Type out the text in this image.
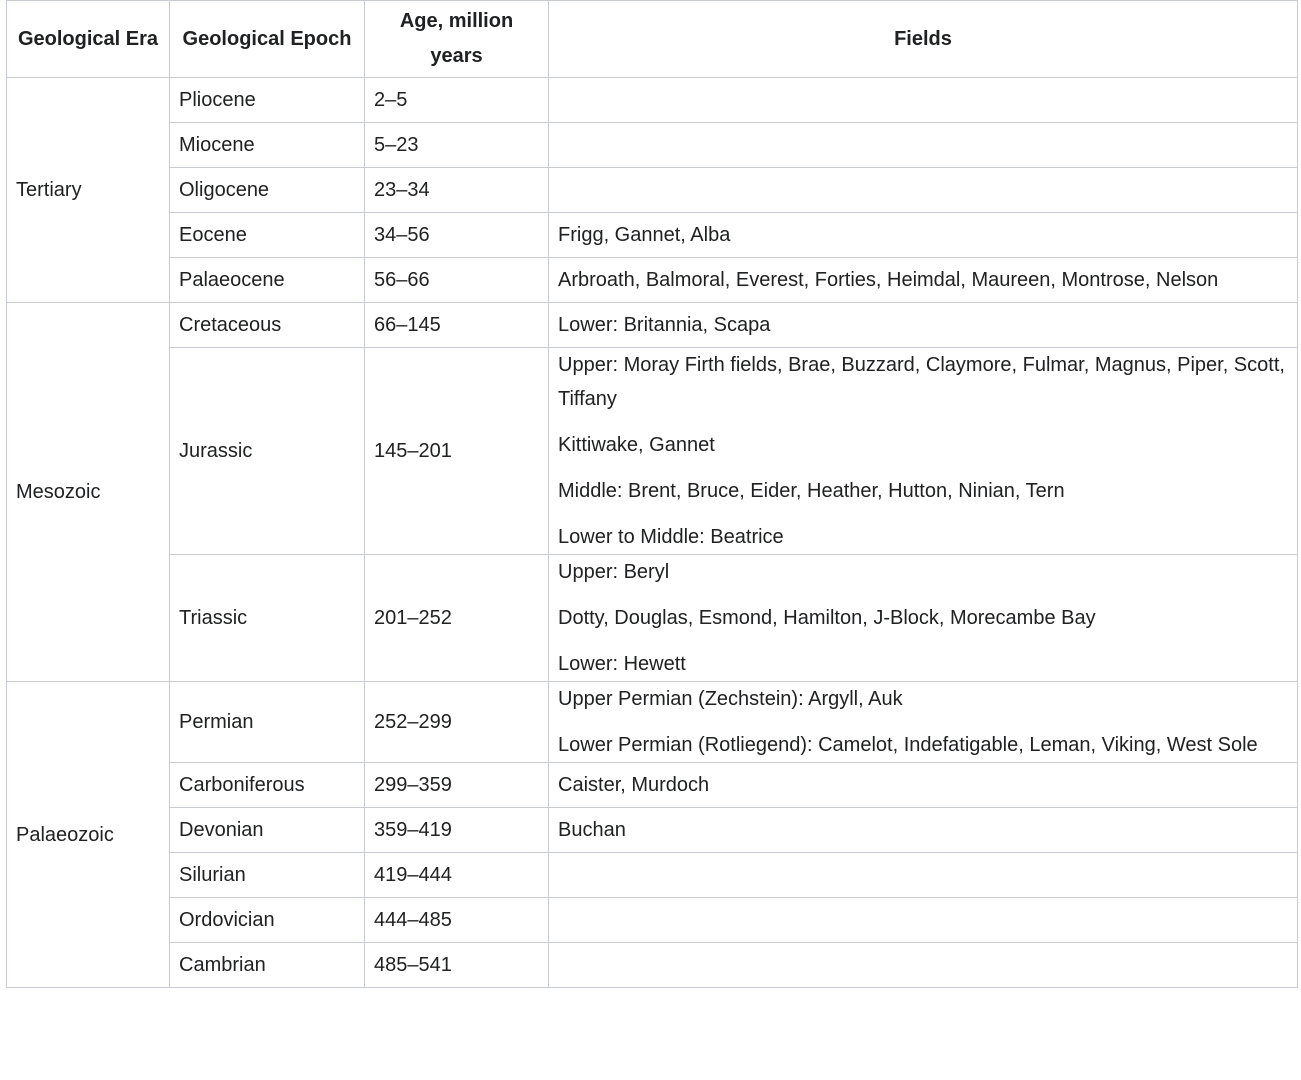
Geological Era	Geological Epoch	Age, million years	Fields
Tertiary	Pliocene	2–5	
	Miocene	5–23	
	Oligocene	23–34	
	Eocene	34–56	Frigg, Gannet, Alba
	Palaeocene	56–66	Arbroath, Balmoral, Everest, Forties, Heimdal, Maureen, Montrose, Nelson
Mesozoic	Cretaceous	66–145	Lower: Britannia, Scapa
	Jurassic	145–201	Upper: Moray Firth fields, Brae, Buzzard, Claymore, Fulmar, Magnus, Piper, Scott, Tiffany
Kittiwake, Gannet
Middle: Brent, Bruce, Eider, Heather, Hutton, Ninian, Tern
Lower to Middle: Beatrice

	Triassic	201–252	Upper: Beryl
Dotty, Douglas, Esmond, Hamilton, J-Block, Morecambe Bay
Lower: Hewett

Palaeozoic	Permian	252–299	Upper Permian (Zechstein): Argyll, Auk
Lower Permian (Rotliegend): Camelot, Indefatigable, Leman, Viking, West Sole

	Carboniferous	299–359	Caister, Murdoch
	Devonian	359–419	Buchan
	Silurian	419–444	
	Ordovician	444–485	
	Cambrian	485–541	
